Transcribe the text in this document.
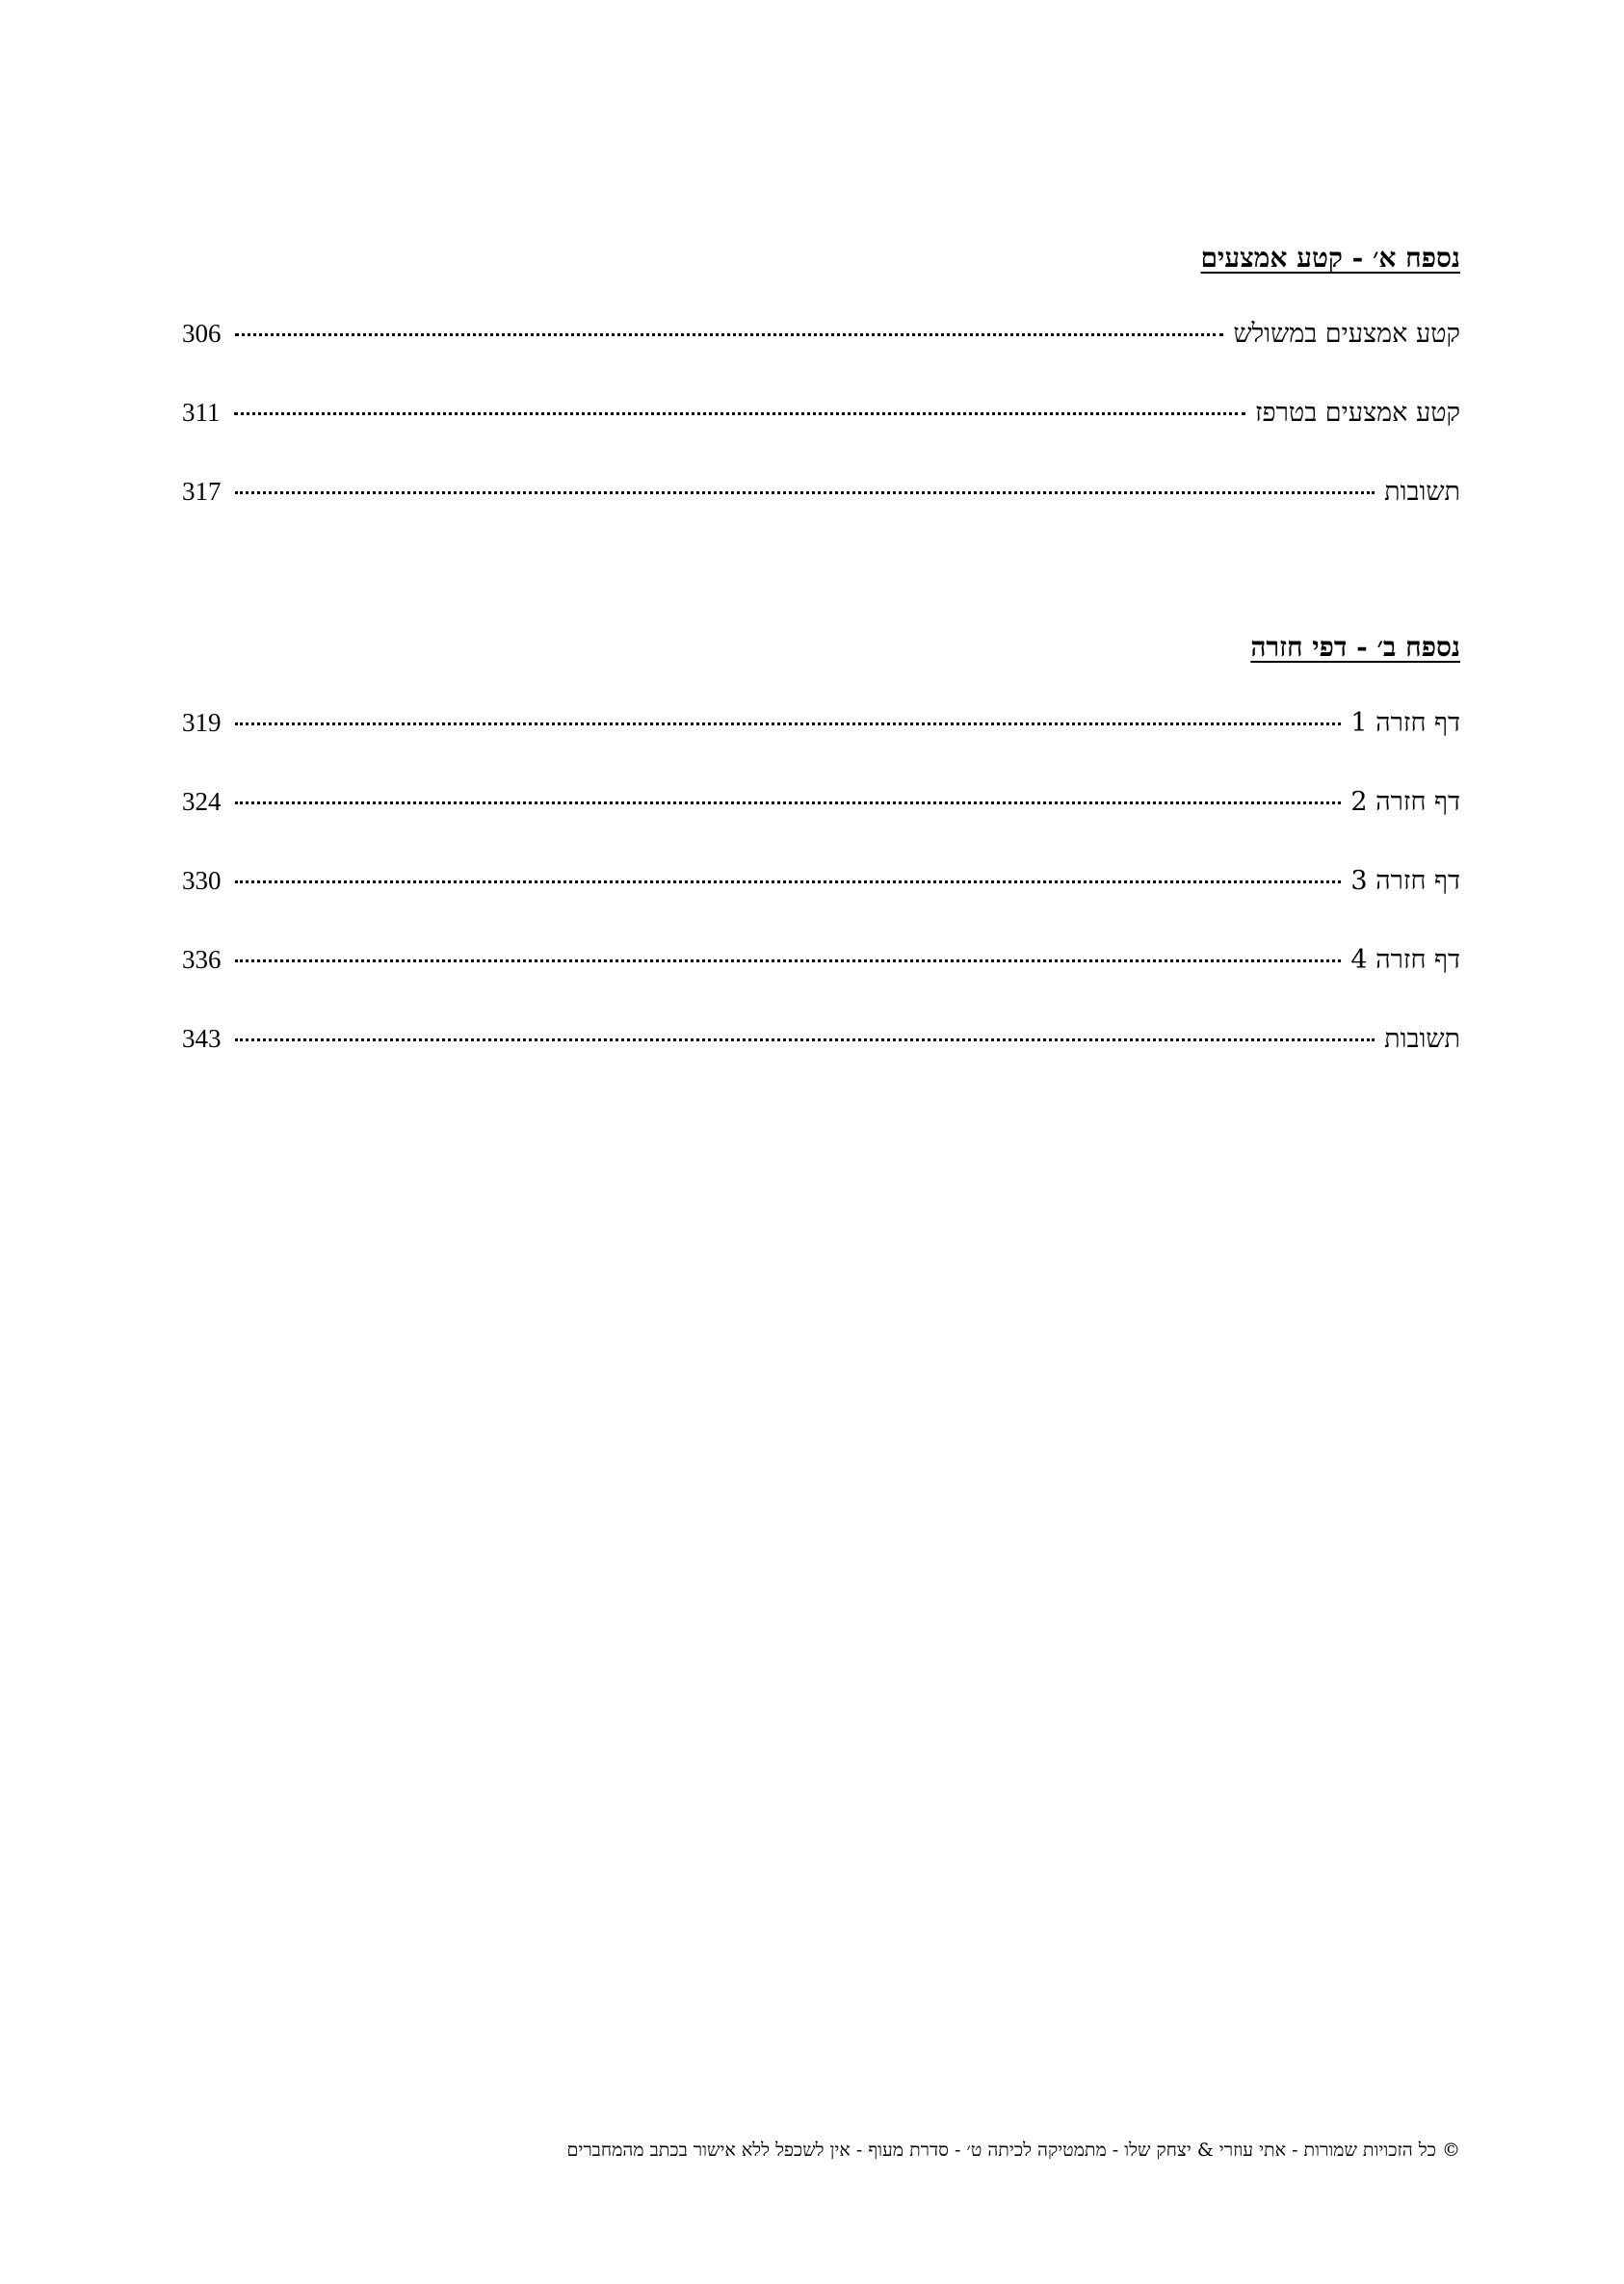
נספח א׳ - קטע אמצעים
קטע אמצעים במשולש
306
קטע אמצעים בטרפז
311
תשובות
317
נספח ב׳ - דפי חזרה
דף חזרה 1
319
דף חזרה 2
324
דף חזרה 3
330
דף חזרה 4
336
תשובות
343
© כל הזכויות שמורות - אתי עוזרי & יצחק שלו - מתמטיקה לכיתה ט׳ - סדרת מעוף - אין לשכפל ללא אישור בכתב מהמחברים
